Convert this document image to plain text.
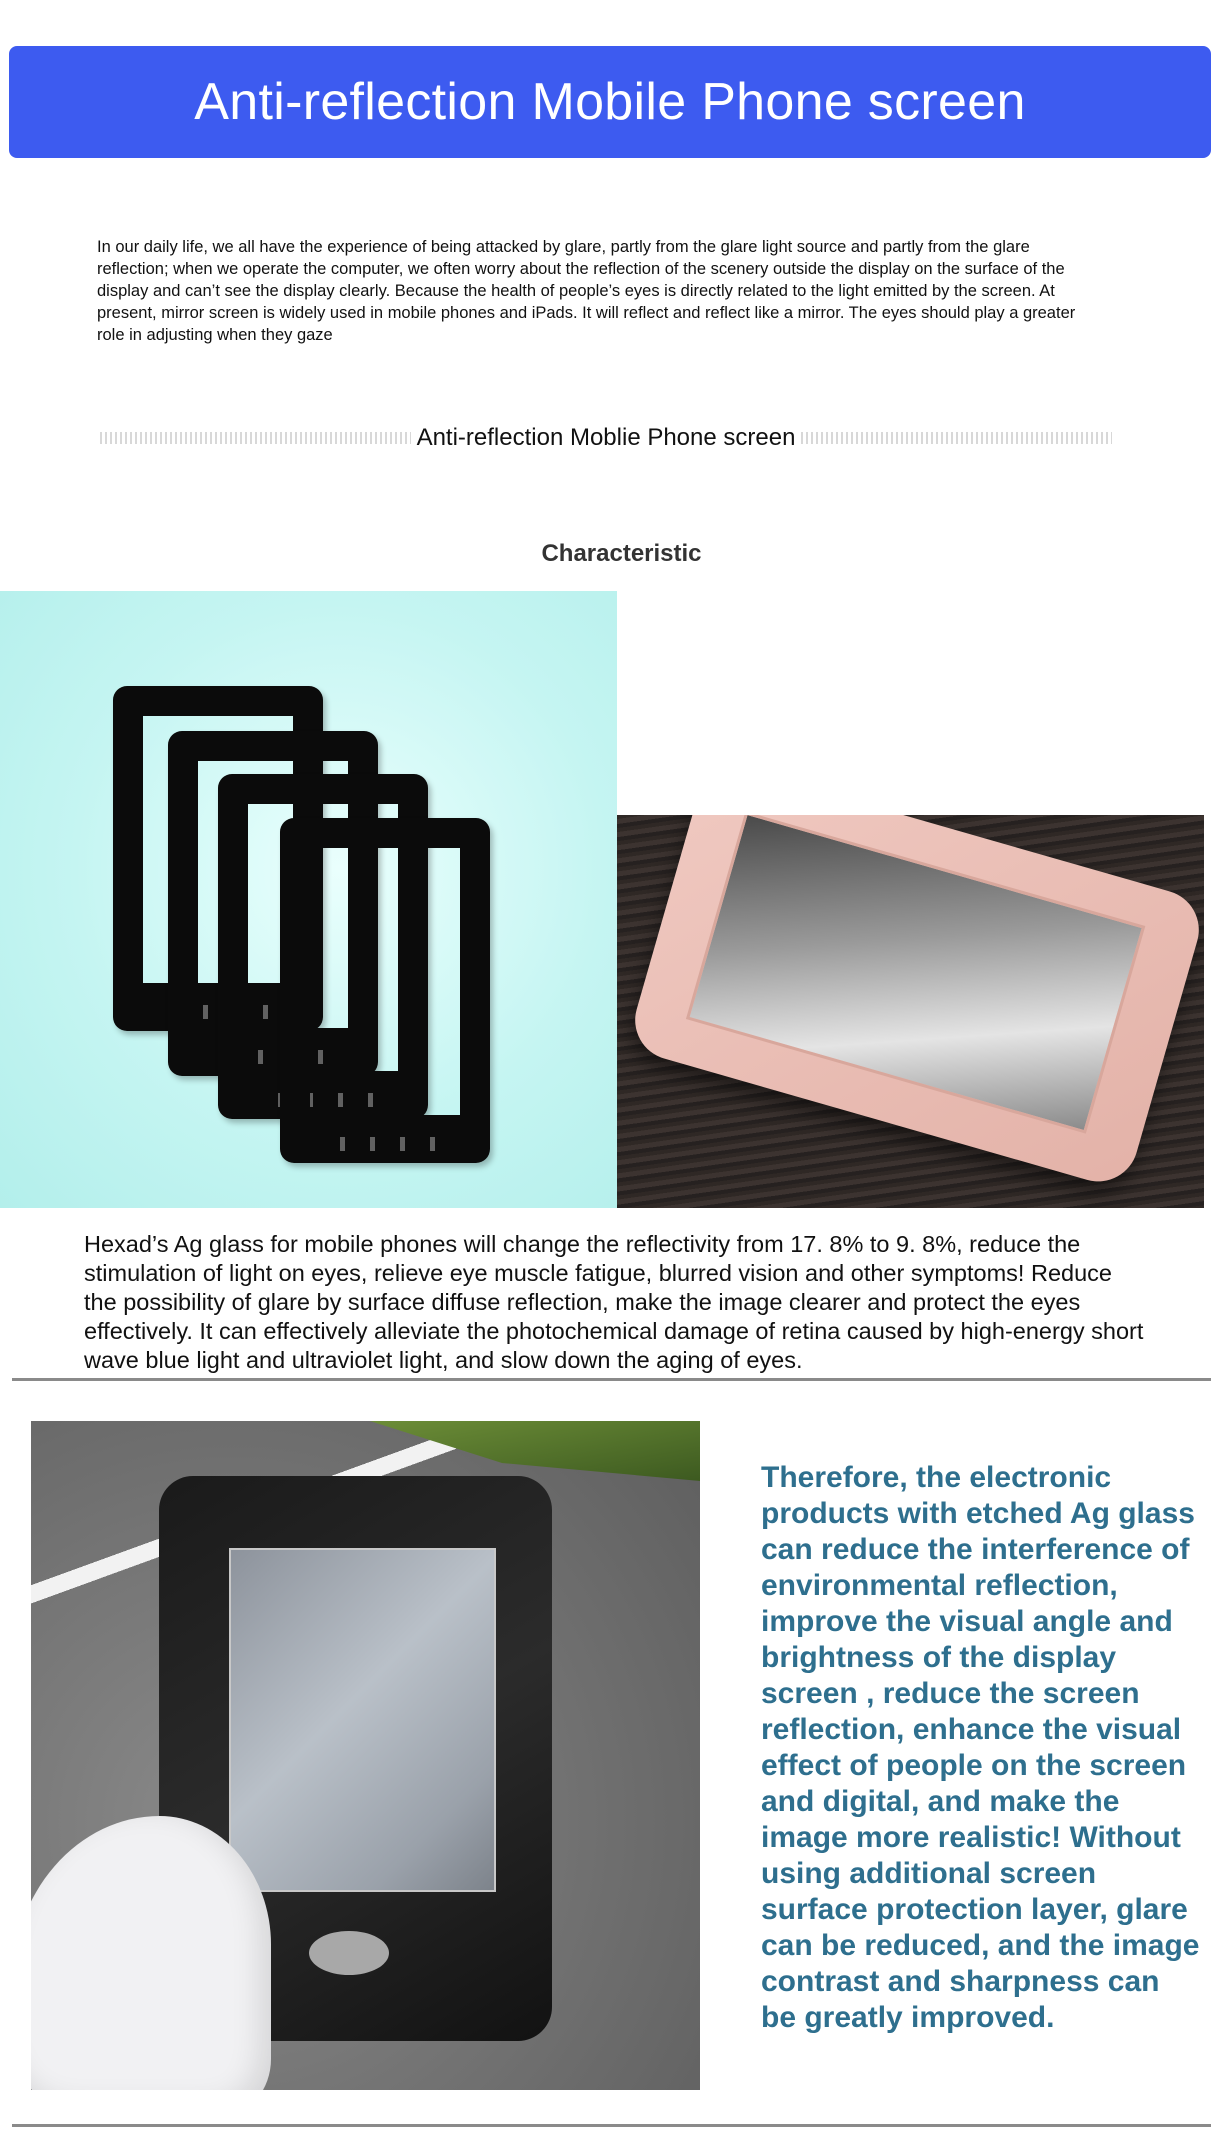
Anti-reflection Mobile Phone screen

In our daily life, we all have the experience of being attacked by glare, partly from the glare light source and partly from the glare reflection; when we operate the computer, we often worry about the reflection of the scenery outside the display on the surface of the display and can’t see the display clearly. Because the health of people’s eyes is directly related to the light emitted by the screen. At present, mirror screen is widely used in mobile phones and iPads. It will reflect and reflect like a mirror. The eyes should play a greater role in adjusting when they gaze

Anti-reflection Moblie Phone screen
Characteristic

Hexad’s Ag glass for mobile phones will change the reflectivity from 17. 8% to 9. 8%, reduce the stimulation of light on eyes, relieve eye muscle fatigue, blurred vision and other symptoms! Reduce the possibility of glare by surface diffuse reflection, make the image clearer and protect the eyes effectively. It can effectively alleviate the photochemical damage of retina caused by high-energy short wave blue light and ultraviolet light, and slow down the aging of eyes.

Therefore, the electronic products with etched Ag glass can reduce the interference of environmental reflection, improve the visual angle and brightness of the display screen , reduce the screen reflection, enhance the visual effect of people on the screen and digital, and make the image more realistic! Without using additional screen surface protection layer, glare can be reduced, and the image contrast and sharpness can be greatly improved.
